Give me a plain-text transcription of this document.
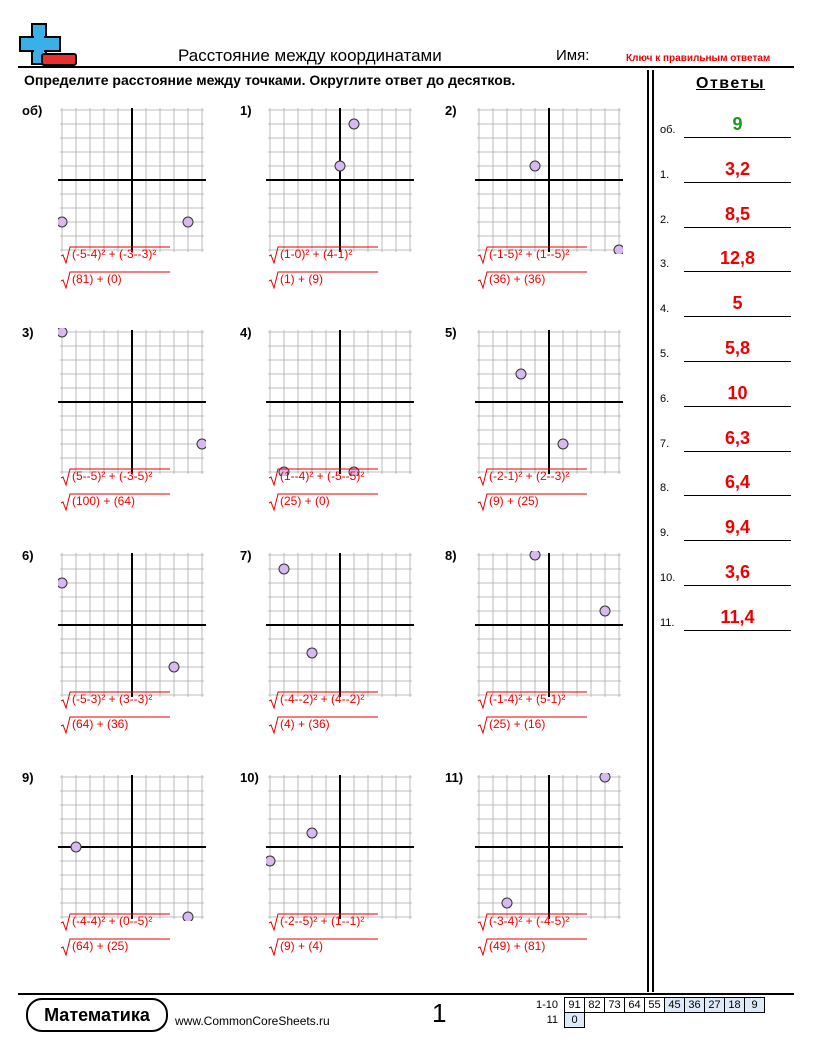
Расстояние между координатами	Имя:	Ключ к правильным ответам
Определите расстояние между точками. Округлите ответ до десятков.	Ответы
об.	9
1.	3,2
2.	8,5
3.	12,8
4.	5
5.	5,8
6.	10
7.	6,3
8.	6,4
9.	9,4
10.	3,6
11.	11,4
об)
(-5-4)² + (-3--3)²
(81) + (0)
1)
(1-0)² + (4-1)²
(1) + (9)
2)
(-1-5)² + (1--5)²
(36) + (36)
3)
(5--5)² + (-3-5)²
(100) + (64)
4)
(1--4)² + (-5--5)²
(25) + (0)
5)
(-2-1)² + (2--3)²
(9) + (25)
6)
(-5-3)² + (3--3)²
(64) + (36)
7)
(-4--2)² + (4--2)²
(4) + (36)
8)
(-1-4)² + (5-1)²
(25) + (16)
9)
(-4-4)² + (0--5)²
(64) + (25)
10)
(-2--5)² + (1--1)²
(9) + (4)
11)
(-3-4)² + (-4-5)²
(49) + (81)
Математика	www.CommonCoreSheets.ru	1	1-10	91	82	73	64	55	45	36	27	18	9
11	0									
